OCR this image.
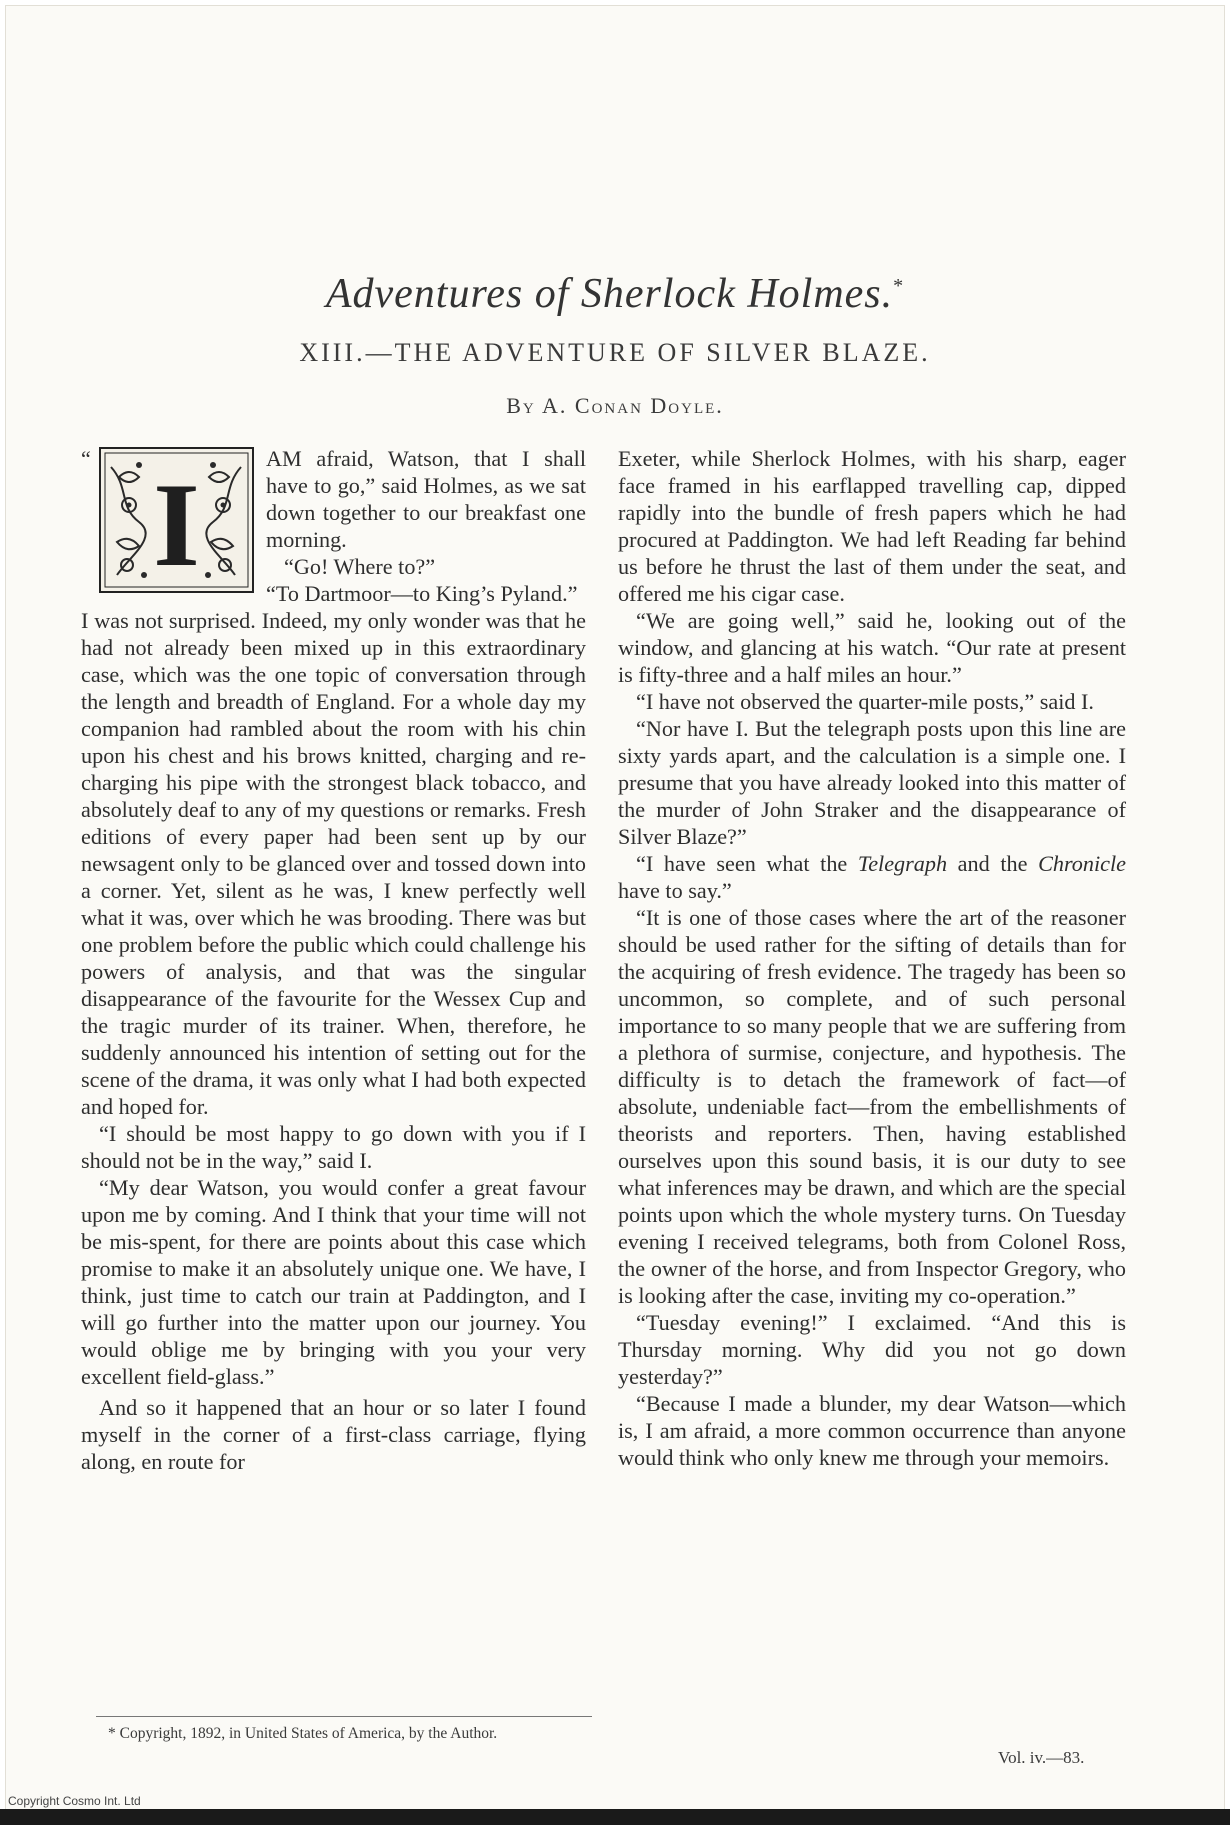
Adventures of Sherlock Holmes.*
XIII.—THE ADVENTURE OF SILVER BLAZE.
By A. Conan Doyle.
“ I	AM afraid, Watson, that I shall have to go,” said Holmes, as we sat down together to our breakfast one morning.

“Go! Where to?”

“To Dartmoor—to King’s Pyland.”

I was not surprised. Indeed, my only wonder was that he had not already been mixed up in this extraordinary case, which was the one topic of conversation through the length and breadth of England. For a whole day my companion had rambled about the room with his chin upon his chest and his brows knitted, charging and re-charging his pipe with the strongest black tobacco, and absolutely deaf to any of my questions or remarks. Fresh editions of every paper had been sent up by our newsagent only to be glanced over and tossed down into a corner. Yet, silent as he was, I knew perfectly well what it was, over which he was brooding. There was but one problem before the public which could challenge his powers of analysis, and that was the singular disappearance of the favourite for the Wessex Cup and the tragic murder of its trainer. When, therefore, he suddenly announced his intention of setting out for the scene of the drama, it was only what I had both expected and hoped for.

“I should be most happy to go down with you if I should not be in the way,” said I.

“My dear Watson, you would confer a great favour upon me by coming. And I think that your time will not be mis-spent, for there are points about this case which promise to make it an absolutely unique one. We have, I think, just time to catch our train at Paddington, and I will go further into the matter upon our journey. You would oblige me by bringing with you your very excellent field-glass.”

And so it happened that an hour or so later I found myself in the corner of a first-class carriage, flying along, en route for

Exeter, while Sherlock Holmes, with his sharp, eager face framed in his earflapped travelling cap, dipped rapidly into the bundle of fresh papers which he had procured at Paddington. We had left Reading far behind us before he thrust the last of them under the seat, and offered me his cigar case.

“We are going well,” said he, looking out of the window, and glancing at his watch. “Our rate at present is fifty-three and a half miles an hour.”

“I have not observed the quarter-mile posts,” said I.

“Nor have I. But the telegraph posts upon this line are sixty yards apart, and the calculation is a simple one. I presume that you have already looked into this matter of the murder of John Straker and the disappearance of Silver Blaze?”

“I have seen what the Telegraph and the Chronicle have to say.”

“It is one of those cases where the art of the reasoner should be used rather for the sifting of details than for the acquiring of fresh evidence. The tragedy has been so uncommon, so complete, and of such personal importance to so many people that we are suffering from a plethora of surmise, conjecture, and hypothesis. The difficulty is to detach the framework of fact—of absolute, undeniable fact—from the embellishments of theorists and reporters. Then, having established ourselves upon this sound basis, it is our duty to see what inferences may be drawn, and which are the special points upon which the whole mystery turns. On Tuesday evening I received telegrams, both from Colonel Ross, the owner of the horse, and from Inspector Gregory, who is looking after the case, inviting my co-operation.”

“Tuesday evening!” I exclaimed. “And this is Thursday morning. Why did you not go down yesterday?”

“Because I made a blunder, my dear Watson—which is, I am afraid, a more common occurrence than anyone would think who only knew me through your memoirs.

* Copyright, 1892, in United States of America, by the Author.
Vol. iv.—83.
Copyright Cosmo Int. Ltd
